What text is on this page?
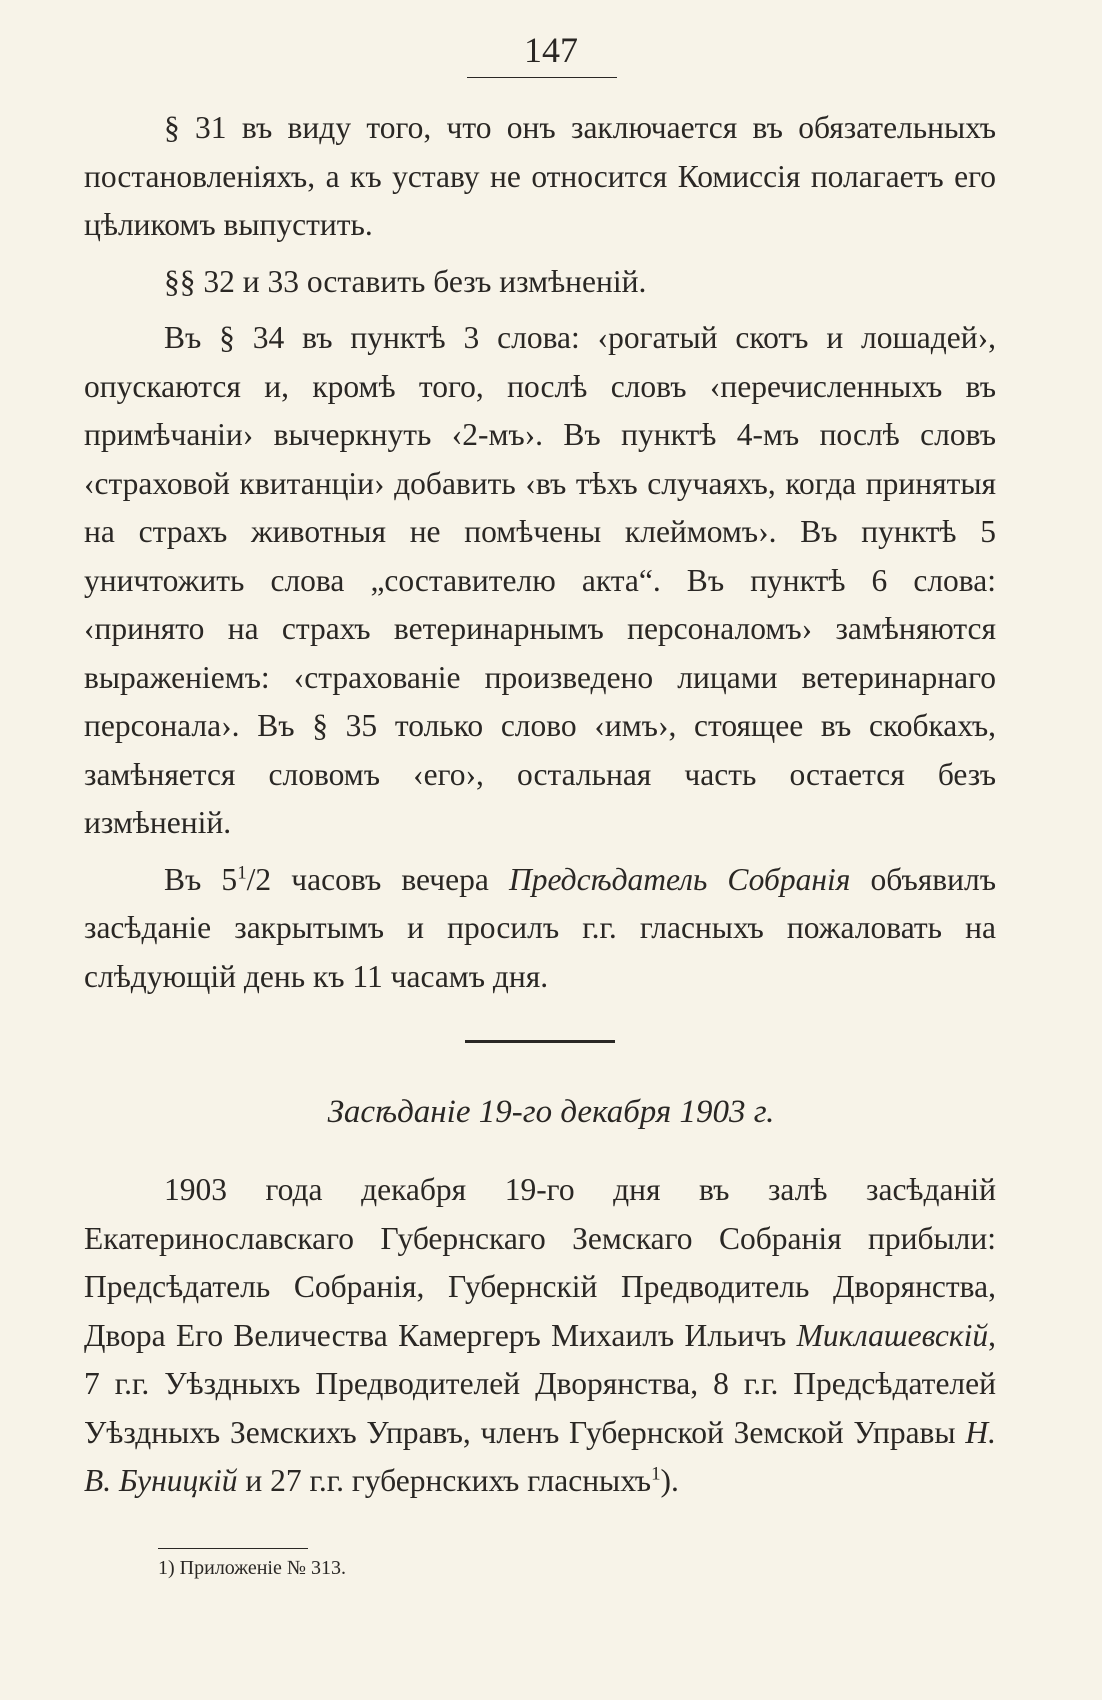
147

§ 31 въ виду того, что онъ заключается въ обязательныхъ постановленіяхъ, а къ уставу не относится Комиссія полагаетъ его цѣликомъ выпустить.

§§ 32 и 33 оставить безъ измѣненій.

Въ § 34 въ пунктѣ 3 слова: ‹рогатый скотъ и лошадей›, опускаются и, кромѣ того, послѣ словъ ‹перечисленныхъ въ примѣчаніи› вычеркнуть ‹2-мъ›. Въ пунктѣ 4-мъ послѣ словъ ‹страховой квитанціи› добавить ‹въ тѣхъ случаяхъ, когда принятыя на страхъ животныя не помѣчены клеймомъ›. Въ пунктѣ 5 уничтожить слова „составителю акта“. Въ пунктѣ 6 слова: ‹принято на страхъ ветеринарнымъ персоналомъ› замѣняются выраженіемъ: ‹страхованіе произведено лицами ветеринарнаго персонала›. Въ § 35 только слово ‹имъ›, стоящее въ скобкахъ, замѣняется словомъ ‹его›, остальная часть остается безъ измѣненій.

Въ $5^1/2$ часовъ вечера Предсѣдатель Собранія объявилъ засѣданіе закрытымъ и просилъ г.г. гласныхъ пожаловать на слѣдующій день къ 11 часамъ дня.

Засѣданіе 19-го декабря 1903 г.

1903 года декабря 19-го дня въ залѣ засѣданій Екатеринославскаго Губернскаго Земскаго Собранія прибыли: Предсѣдатель Собранія, Губернскій Предводитель Дворянства, Двора Его Величества Камергеръ Михаилъ Ильичъ Миклашевскій, 7 г.г. Уѣздныхъ Предводителей Дворянства, 8 г.г. Предсѣдателей Уѣздныхъ Земскихъ Управъ, членъ Губернской Земской Управы Н. В. Буницкій и 27 г.г. губернскихъ гласныхъ$^1$).

1) Приложеніе № 313.
